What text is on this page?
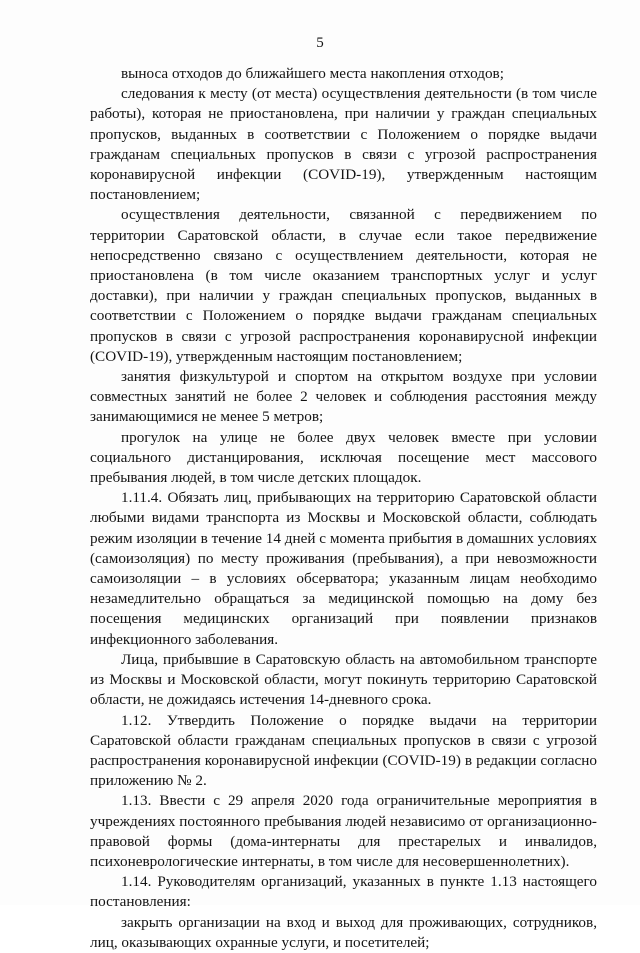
5

выноса отходов до ближайшего места накопления отходов;

следования к месту (от места) осуществления деятельности (в том числе работы), которая не приостановлена, при наличии у граждан специальных пропусков, выданных в соответствии с Положением о порядке выдачи гражданам специальных пропусков в связи с угрозой распространения коронавирусной инфекции (COVID-19), утвержденным настоящим постановлением;

осуществления деятельности, связанной с передвижением по территории Саратовской области, в случае если такое передвижение непосредственно связано с осуществлением деятельности, которая не приостановлена (в том числе оказанием транспортных услуг и услуг доставки), при наличии у граждан специальных пропусков, выданных в соответствии с Положением о порядке выдачи гражданам специальных пропусков в связи с угрозой распространения коронавирусной инфекции (COVID-19), утвержденным настоящим постановлением;

занятия физкультурой и спортом на открытом воздухе при условии совместных занятий не более 2 человек и соблюдения расстояния между занимающимися не менее 5 метров;

прогулок на улице не более двух человек вместе при условии социального дистанцирования, исключая посещение мест массового пребывания людей, в том числе детских площадок.

1.11.4. Обязать лиц, прибывающих на территорию Саратовской области любыми видами транспорта из Москвы и Московской области, соблюдать режим изоляции в течение 14 дней с момента прибытия в домашних условиях (самоизоляция) по месту проживания (пребывания), а при невозможности самоизоляции – в условиях обсерватора; указанным лицам необходимо незамедлительно обращаться за медицинской помощью на дому без посещения медицинских организаций при появлении признаков инфекционного заболевания.

Лица, прибывшие в Саратовскую область на автомобильном транспорте из Москвы и Московской области, могут покинуть территорию Саратовской области, не дожидаясь истечения 14-дневного срока.

1.12. Утвердить Положение о порядке выдачи на территории Саратовской области гражданам специальных пропусков в связи с угрозой распространения коронавирусной инфекции (COVID-19) в редакции согласно приложению № 2.

1.13. Ввести с 29 апреля 2020 года ограничительные мероприятия в учреждениях постоянного пребывания людей независимо от организационно-правовой формы (дома-интернаты для престарелых и инвалидов, психоневрологические интернаты, в том числе для несовершеннолетних).

1.14. Руководителям организаций, указанных в пункте 1.13 настоящего постановления:

закрыть организации на вход и выход для проживающих, сотрудников, лиц, оказывающих охранные услуги, и посетителей;
